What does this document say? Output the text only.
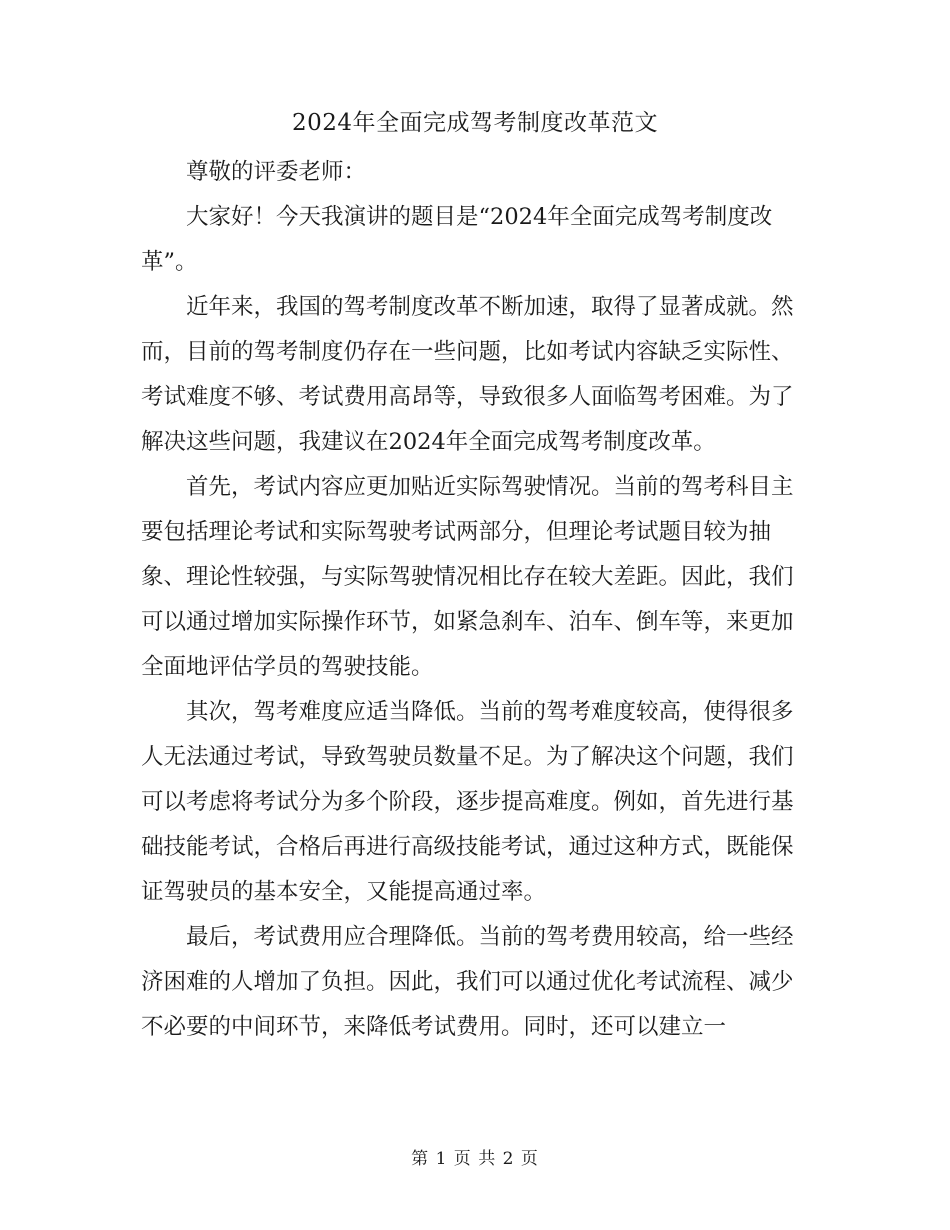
2024年全面完成驾考制度改革范文

尊敬的评委老师：

大家好！今天我演讲的题目是“2024年全面完成驾考制度改革”。

近年来，我国的驾考制度改革不断加速，取得了显著成就。然而，目前的驾考制度仍存在一些问题，比如考试内容缺乏实际性、考试难度不够、考试费用高昂等，导致很多人面临驾考困难。为了解决这些问题，我建议在2024年全面完成驾考制度改革。

首先，考试内容应更加贴近实际驾驶情况。当前的驾考科目主要包括理论考试和实际驾驶考试两部分，但理论考试题目较为抽象、理论性较强，与实际驾驶情况相比存在较大差距。因此，我们可以通过增加实际操作环节，如紧急刹车、泊车、倒车等，来更加全面地评估学员的驾驶技能。

其次，驾考难度应适当降低。当前的驾考难度较高，使得很多人无法通过考试，导致驾驶员数量不足。为了解决这个问题，我们可以考虑将考试分为多个阶段，逐步提高难度。例如，首先进行基础技能考试，合格后再进行高级技能考试，通过这种方式，既能保证驾驶员的基本安全，又能提高通过率。

最后，考试费用应合理降低。当前的驾考费用较高，给一些经济困难的人增加了负担。因此，我们可以通过优化考试流程、减少不必要的中间环节，来降低考试费用。同时，还可以建立一

第 1 页 共 2 页
